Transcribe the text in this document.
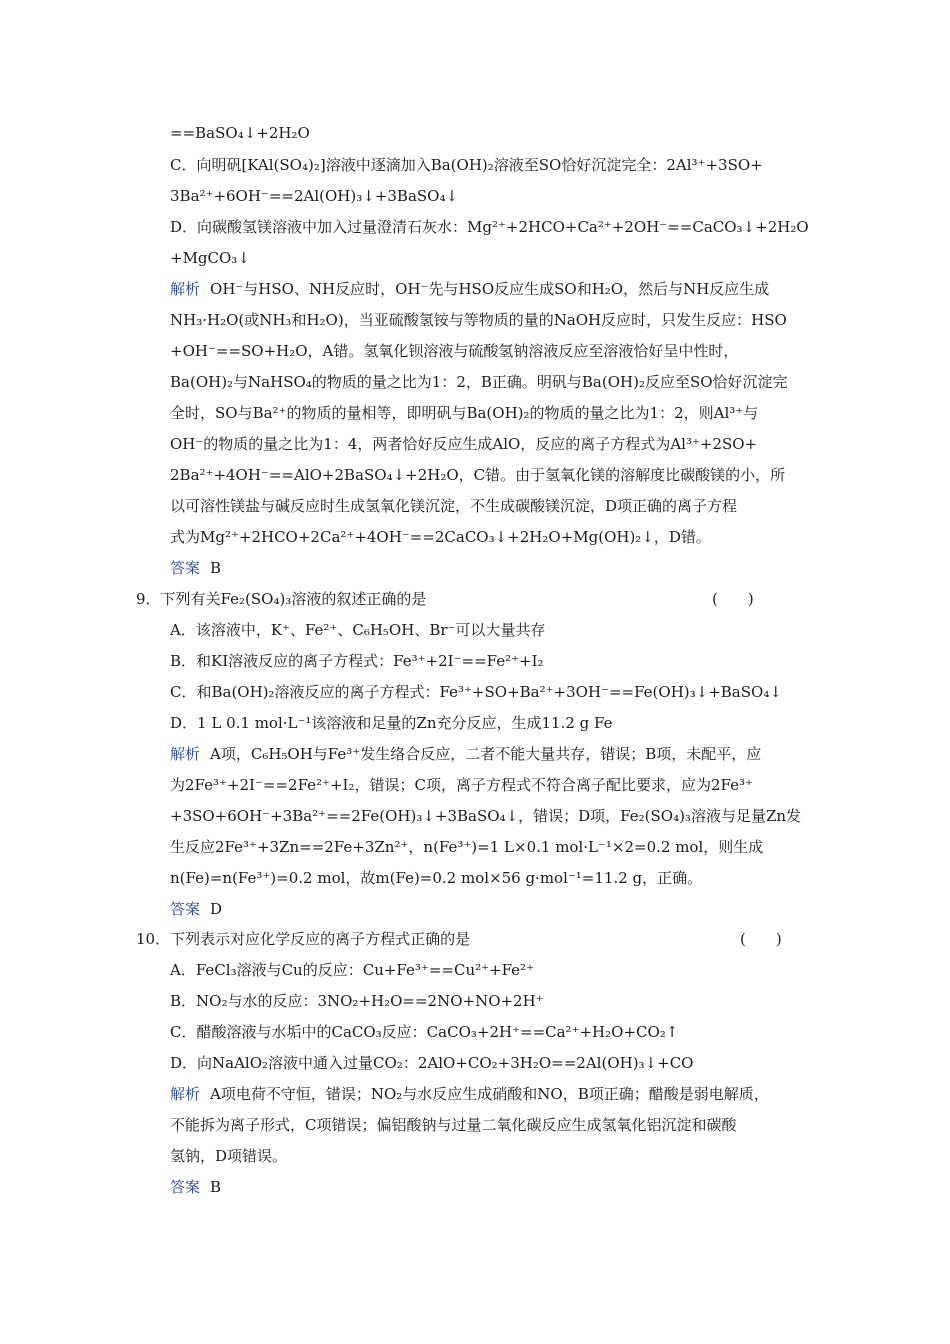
==BaSO₄↓+2H₂O
C．向明矾[KAl(SO₄)₂]溶液中逐滴加入Ba(OH)₂溶液至SO恰好沉淀完全：2Al³⁺+3SO+
3Ba²⁺+6OH⁻==2Al(OH)₃↓+3BaSO₄↓
D．向碳酸氢镁溶液中加入过量澄清石灰水：Mg²⁺+2HCO+Ca²⁺+2OH⁻==CaCO₃↓+2H₂O
+MgCO₃↓
解析 OH⁻与HSO、NH反应时，OH⁻先与HSO反应生成SO和H₂O，然后与NH反应生成
NH₃·H₂O(或NH₃和H₂O)，当亚硫酸氢铵与等物质的量的NaOH反应时，只发生反应：HSO
+OH⁻==SO+H₂O，A错。氢氧化钡溶液与硫酸氢钠溶液反应至溶液恰好呈中性时，
Ba(OH)₂与NaHSO₄的物质的量之比为1：2，B正确。明矾与Ba(OH)₂反应至SO恰好沉淀完
全时，SO与Ba²⁺的物质的量相等，即明矾与Ba(OH)₂的物质的量之比为1：2，则Al³⁺与
OH⁻的物质的量之比为1：4，两者恰好反应生成AlO，反应的离子方程式为Al³⁺+2SO+
2Ba²⁺+4OH⁻==AlO+2BaSO₄↓+2H₂O，C错。由于氢氧化镁的溶解度比碳酸镁的小，所
以可溶性镁盐与碱反应时生成氢氧化镁沉淀，不生成碳酸镁沉淀，D项正确的离子方程
式为Mg²⁺+2HCO+2Ca²⁺+4OH⁻==2CaCO₃↓+2H₂O+Mg(OH)₂↓，D错。
答案 B
9．下列有关Fe₂(SO₄)₃溶液的叙述正确的是	(　　)
A．该溶液中，K⁺、Fe²⁺、C₆H₅OH、Br⁻可以大量共存
B．和KI溶液反应的离子方程式：Fe³⁺+2I⁻==Fe²⁺+I₂
C．和Ba(OH)₂溶液反应的离子方程式：Fe³⁺+SO+Ba²⁺+3OH⁻==Fe(OH)₃↓+BaSO₄↓
D．1 L 0.1 mol·L⁻¹该溶液和足量的Zn充分反应，生成11.2 g Fe
解析 A项，C₆H₅OH与Fe³⁺发生络合反应，二者不能大量共存，错误；B项，未配平，应
为2Fe³⁺+2I⁻==2Fe²⁺+I₂，错误；C项，离子方程式不符合离子配比要求，应为2Fe³⁺
+3SO+6OH⁻+3Ba²⁺==2Fe(OH)₃↓+3BaSO₄↓，错误；D项，Fe₂(SO₄)₃溶液与足量Zn发
生反应2Fe³⁺+3Zn==2Fe+3Zn²⁺，n(Fe³⁺)=1 L×0.1 mol·L⁻¹×2=0.2 mol，则生成
n(Fe)=n(Fe³⁺)=0.2 mol，故m(Fe)=0.2 mol×56 g·mol⁻¹=11.2 g，正确。
答案 D
10．下列表示对应化学反应的离子方程式正确的是	(　　)
A．FeCl₃溶液与Cu的反应：Cu+Fe³⁺==Cu²⁺+Fe²⁺
B．NO₂与水的反应：3NO₂+H₂O==2NO+NO+2H⁺
C．醋酸溶液与水垢中的CaCO₃反应：CaCO₃+2H⁺==Ca²⁺+H₂O+CO₂↑
D．向NaAlO₂溶液中通入过量CO₂：2AlO+CO₂+3H₂O==2Al(OH)₃↓+CO
解析 A项电荷不守恒，错误；NO₂与水反应生成硝酸和NO，B项正确；醋酸是弱电解质，
不能拆为离子形式，C项错误；偏铝酸钠与过量二氧化碳反应生成氢氧化铝沉淀和碳酸
氢钠，D项错误。
答案 B
